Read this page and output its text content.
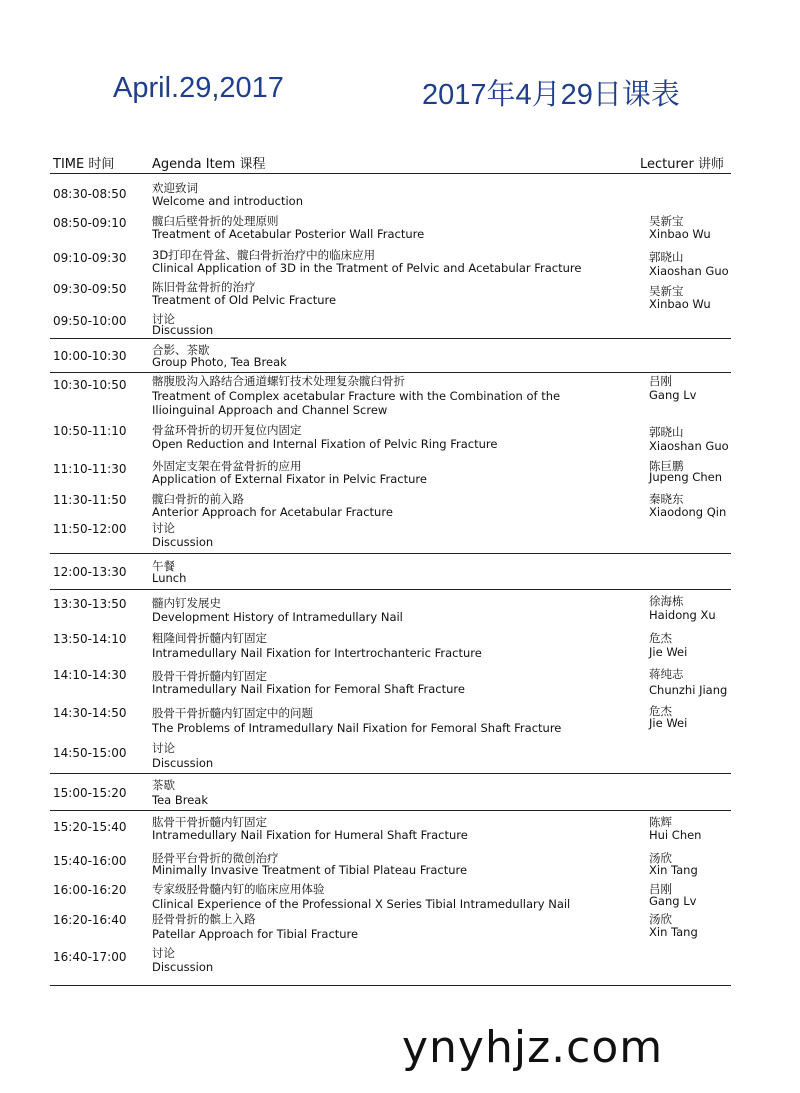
April.29,2017	2017年4月29日课表
TIME 时间	Agenda Item 课程	Lecturer 讲师
08:30-08:50 欢迎致词
Welcome and introduction
08:50-09:10 髋臼后壁骨折的处理原则
Treatment of Acetabular Posterior Wall Fracture
吴新宝
Xinbao Wu
09:10-09:30 3D打印在骨盆、髋臼骨折治疗中的临床应用
Clinical Application of 3D in the Tratment of Pelvic and Acetabular Fracture
郭晓山
Xiaoshan Guo
09:30-09:50 陈旧骨盆骨折的治疗
Treatment of Old Pelvic Fracture
吴新宝
Xinbao Wu
09:50-10:00 讨论
Discussion
10:00-10:30 合影、茶歇
Group Photo, Tea Break
10:30-10:50 髂腹股沟入路结合通道螺钉技术处理复杂髋臼骨折
Treatment of Complex acetabular Fracture with the Combination of the
Ilioinguinal Approach and Channel Screw
吕刚
Gang Lv
10:50-11:10 骨盆环骨折的切开复位内固定
Open Reduction and Internal Fixation of Pelvic Ring Fracture
郭晓山
Xiaoshan Guo
11:10-11:30 外固定支架在骨盆骨折的应用
Application of External Fixator in Pelvic Fracture
陈巨鹏
Jupeng Chen
11:30-11:50 髋臼骨折的前入路
Anterior Approach for Acetabular Fracture
秦晓东
Xiaodong Qin
11:50-12:00 讨论
Discussion
12:00-13:30 午餐
Lunch
13:30-13:50 髓内钉发展史
Development History of Intramedullary Nail
徐海栋
Haidong Xu
13:50-14:10 粗隆间骨折髓内钉固定
Intramedullary Nail Fixation for Intertrochanteric Fracture
危杰
Jie Wei
14:10-14:30 股骨干骨折髓内钉固定
Intramedullary Nail Fixation for Femoral Shaft Fracture
蒋纯志
Chunzhi Jiang
14:30-14:50 股骨干骨折髓内钉固定中的问题
The Problems of Intramedullary Nail Fixation for Femoral Shaft Fracture
危杰
Jie Wei
14:50-15:00 讨论
Discussion
15:00-15:20
茶歇
Tea Break
15:20-15:40 肱骨干骨折髓内钉固定
Intramedullary Nail Fixation for Humeral Shaft Fracture
陈辉
Hui Chen
15:40-16:00 胫骨平台骨折的微创治疗
Minimally Invasive Treatment of Tibial Plateau Fracture
汤欣
Xin Tang
16:00-16:20 专家级胫骨髓内钉的临床应用体验
Clinical Experience of the Professional X Series Tibial Intramedullary Nail
吕刚
Gang Lv
16:20-16:40 胫骨骨折的髌上入路
Patellar Approach for Tibial Fracture
汤欣
Xin Tang
16:40-17:00 讨论
Discussion
ynyhjz.com
